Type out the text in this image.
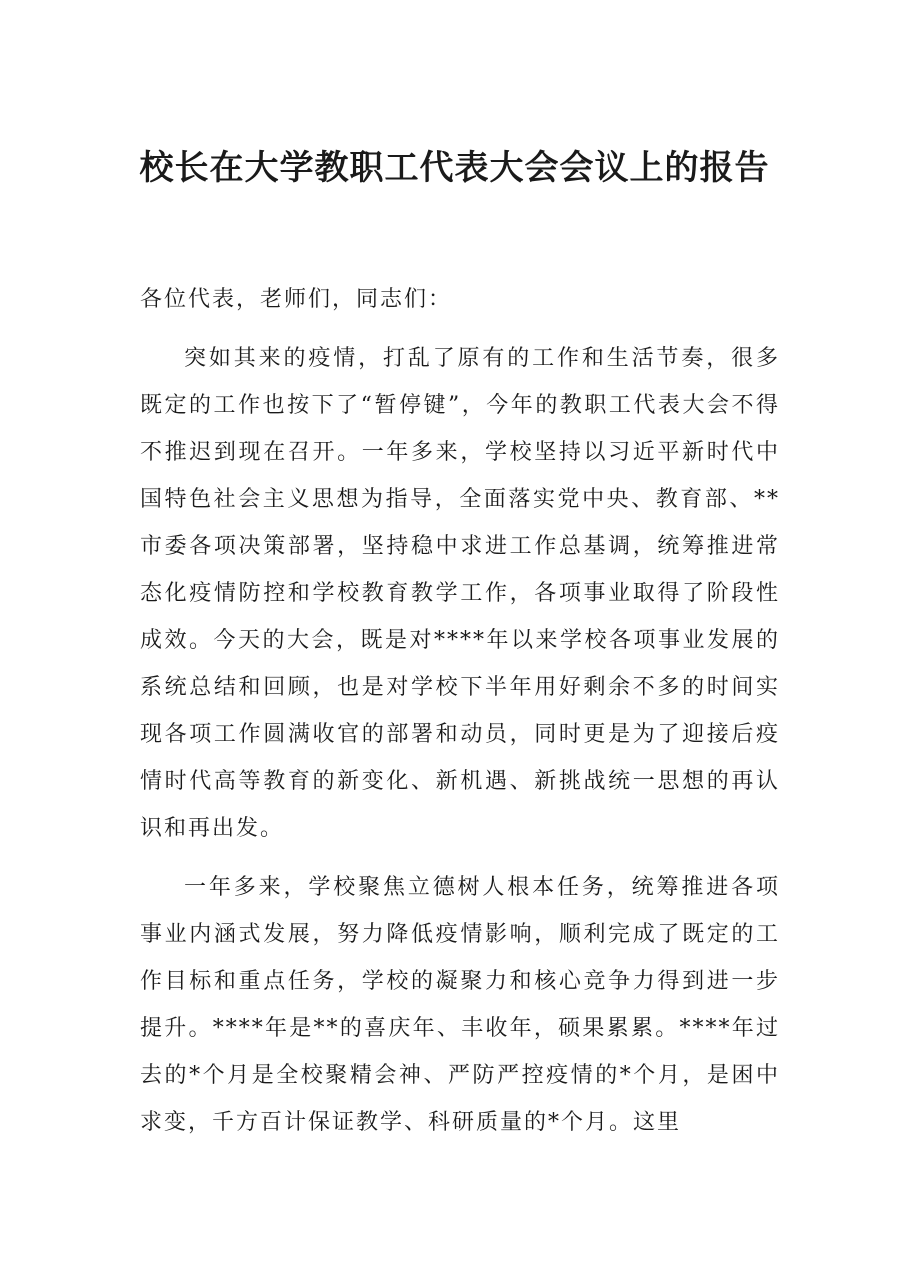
校长在大学教职工代表大会会议上的报告

各位代表，老师们，同志们：

突如其来的疫情，打乱了原有的工作和生活节奏，很多既定的工作也按下了“暂停键”，今年的教职工代表大会不得不推迟到现在召开。一年多来，学校坚持以习近平新时代中国特色社会主义思想为指导，全面落实党中央、教育部、**市委各项决策部署，坚持稳中求进工作总基调，统筹推进常态化疫情防控和学校教育教学工作，各项事业取得了阶段性成效。今天的大会，既是对****年以来学校各项事业发展的系统总结和回顾，也是对学校下半年用好剩余不多的时间实现各项工作圆满收官的部署和动员，同时更是为了迎接后疫情时代高等教育的新变化、新机遇、新挑战统一思想的再认识和再出发。

一年多来，学校聚焦立德树人根本任务，统筹推进各项事业内涵式发展，努力降低疫情影响，顺利完成了既定的工作目标和重点任务，学校的凝聚力和核心竞争力得到进一步提升。****年是**的喜庆年、丰收年，硕果累累。****年过去的*个月是全校聚精会神、严防严控疫情的*个月，是困中求变，千方百计保证教学、科研质量的*个月。这里
